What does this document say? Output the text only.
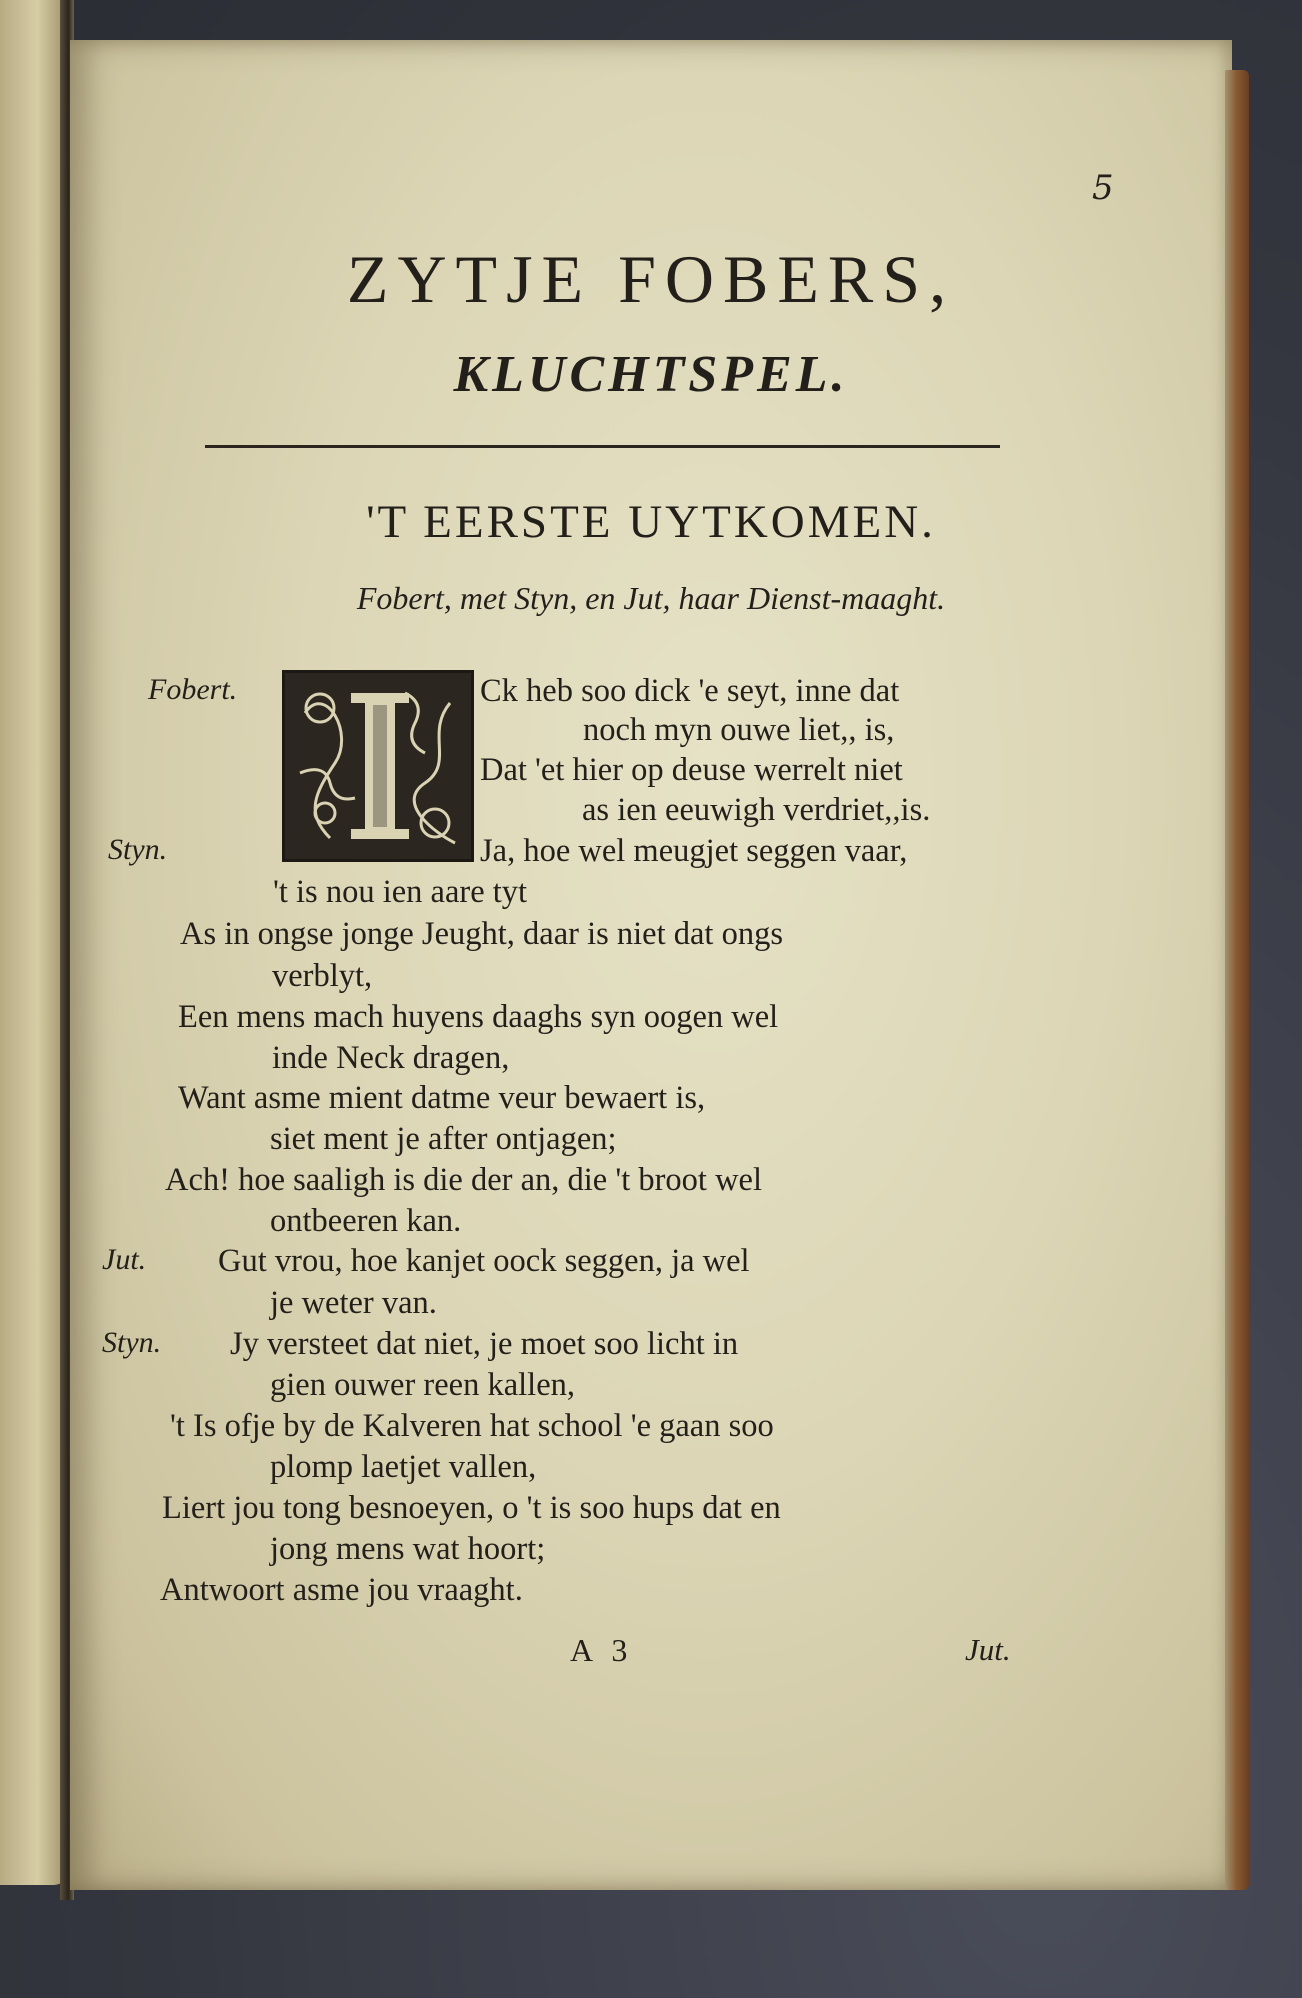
5
ZYTJE FOBERS,
KLUCHTSPEL.
'T EERSTE UYTKOMEN.
Fobert, met Styn, en Jut, haar Dienst-maaght.
Fobert.
Styn.
Jut.
Styn.
Ck heb soo dick 'e seyt, inne dat
noch myn ouwe liet,, is,
Dat 'et hier op deuse werrelt niet
as ien eeuwigh verdriet,,is.
Ja, hoe wel meugjet seggen vaar,
't is nou ien aare tyt
As in ongse jonge Jeught, daar is niet dat ongs
verblyt,
Een mens mach huyens daaghs syn oogen wel
inde Neck dragen,
Want asme mient datme veur bewaert is,
siet ment je after ontjagen;
Ach! hoe saaligh is die der an, die 't broot wel
ontbeeren kan.
Gut vrou, hoe kanjet oock seggen, ja wel
je weter van.
Jy versteet dat niet, je moet soo licht in
gien ouwer reen kallen,
't Is ofje by de Kalveren hat school 'e gaan soo
plomp laetjet vallen,
Liert jou tong besnoeyen, o 't is soo hups dat en
jong mens wat hoort;
Antwoort asme jou vraaght.
A 3	Jut.
